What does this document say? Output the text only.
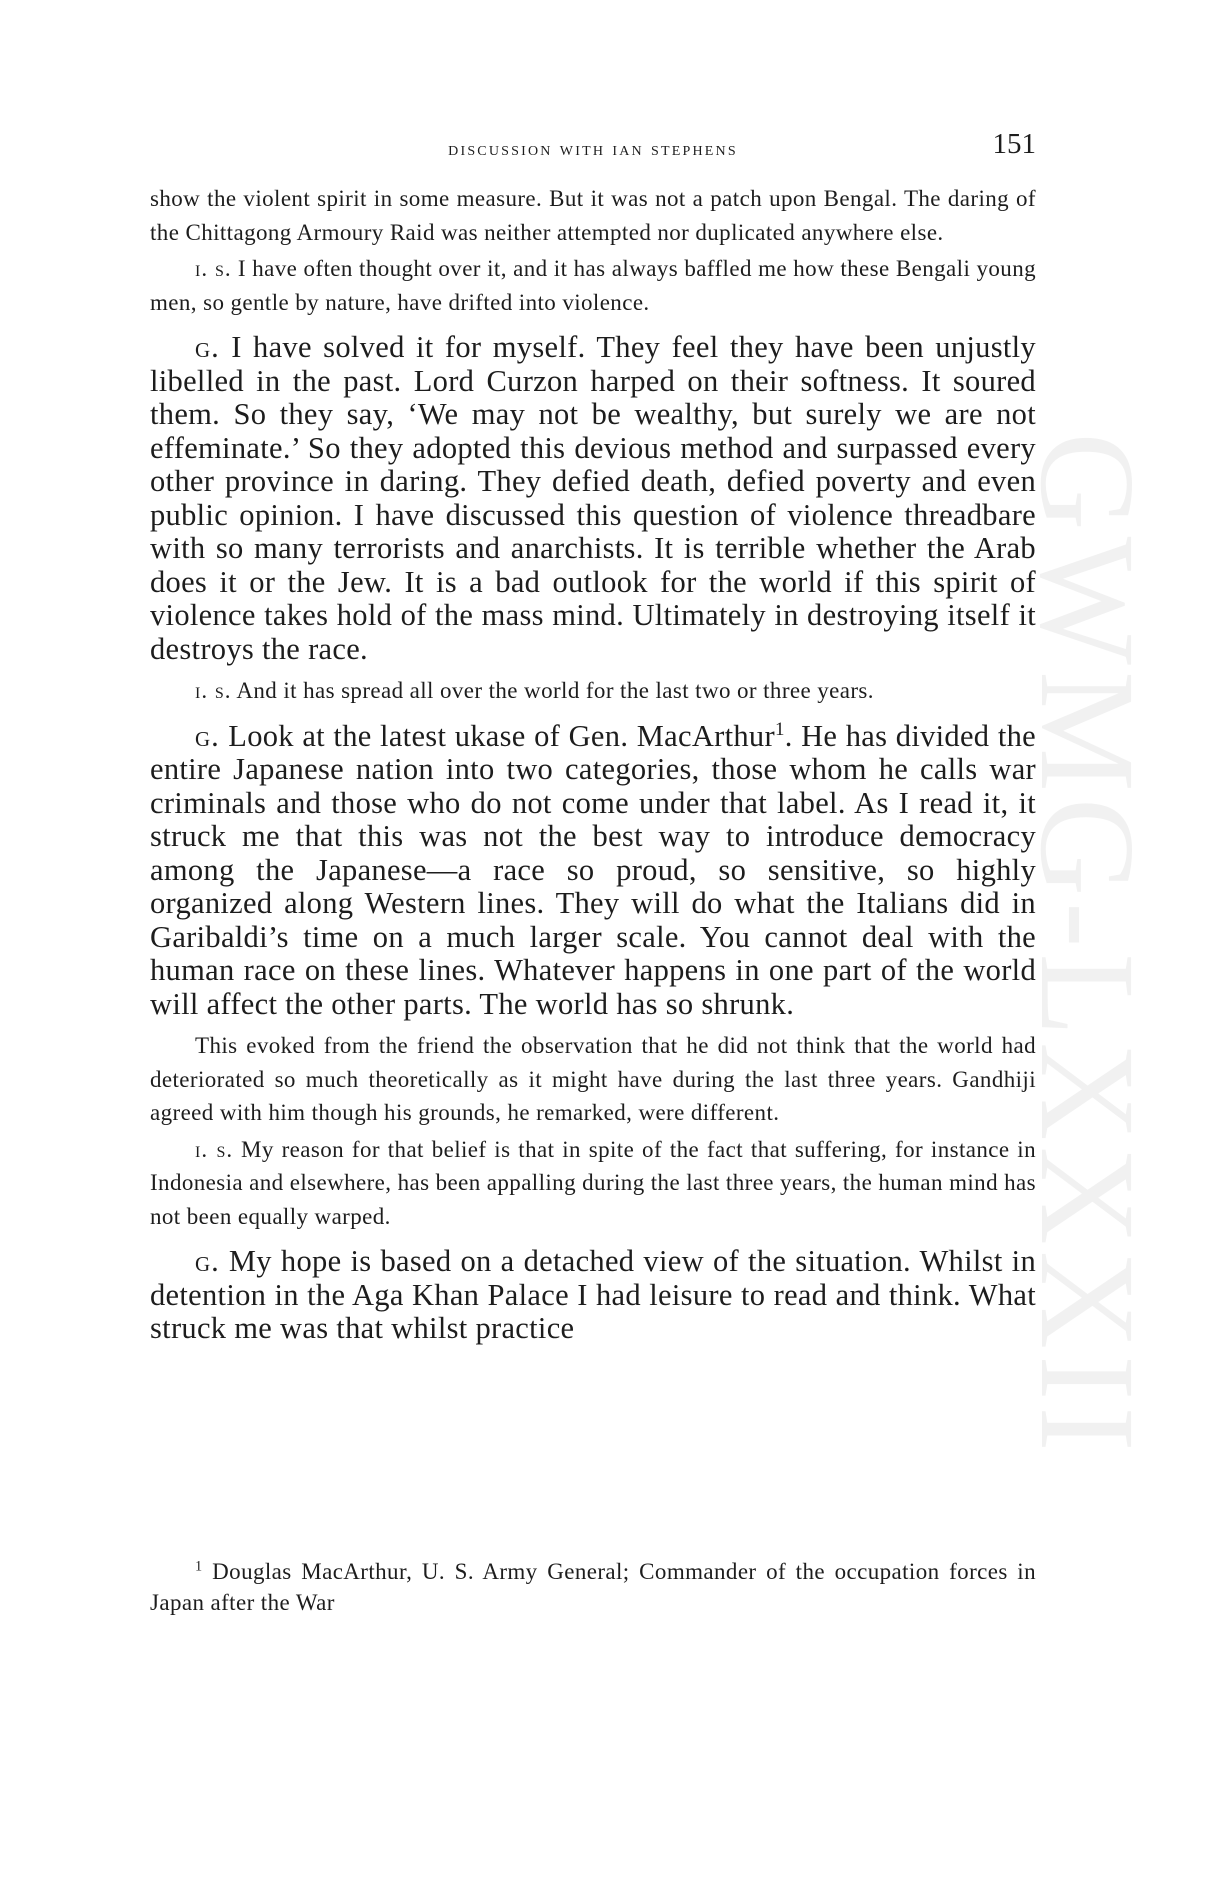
GWMG-LXXXII
discussion with ian stephens	151

show the violent spirit in some measure. But it was not a patch upon Bengal. The daring of the Chittagong Armoury Raid was neither attempted nor duplicated anywhere else.

i. s. I have often thought over it, and it has always baffled me how these Bengali young men, so gentle by nature, have drifted into violence.

g. I have solved it for myself. They feel they have been unjustly libelled in the past. Lord Curzon harped on their softness. It soured them. So they say, ‘We may not be wealthy, but surely we are not effeminate.’ So they adopted this devious method and surpassed every other province in daring. They defied death, defied poverty and even public opinion. I have discussed this question of violence threadbare with so many terrorists and anarchists. It is terrible whether the Arab does it or the Jew. It is a bad outlook for the world if this spirit of violence takes hold of the mass mind. Ultimately in destroying itself it destroys the race.

i. s. And it has spread all over the world for the last two or three years.

g. Look at the latest ukase of Gen. MacArthur$^1$. He has divided the entire Japanese nation into two categories, those whom he calls war criminals and those who do not come under that label. As I read it, it struck me that this was not the best way to introduce democracy among the Japanese—a race so proud, so sensitive, so highly organized along Western lines. They will do what the Italians did in Garibaldi’s time on a much larger scale. You cannot deal with the human race on these lines. Whatever happens in one part of the world will affect the other parts. The world has so shrunk.

This evoked from the friend the observation that he did not think that the world had deteriorated so much theoretically as it might have during the last three years. Gandhiji agreed with him though his grounds, he remarked, were different.

i. s. My reason for that belief is that in spite of the fact that suffering, for instance in Indonesia and elsewhere, has been appalling during the last three years, the human mind has not been equally warped.

g. My hope is based on a detached view of the situation. Whilst in detention in the Aga Khan Palace I had leisure to read and think. What struck me was that whilst practice

$^1$ Douglas MacArthur, U. S. Army General; Commander of the occupation forces in Japan after the War
